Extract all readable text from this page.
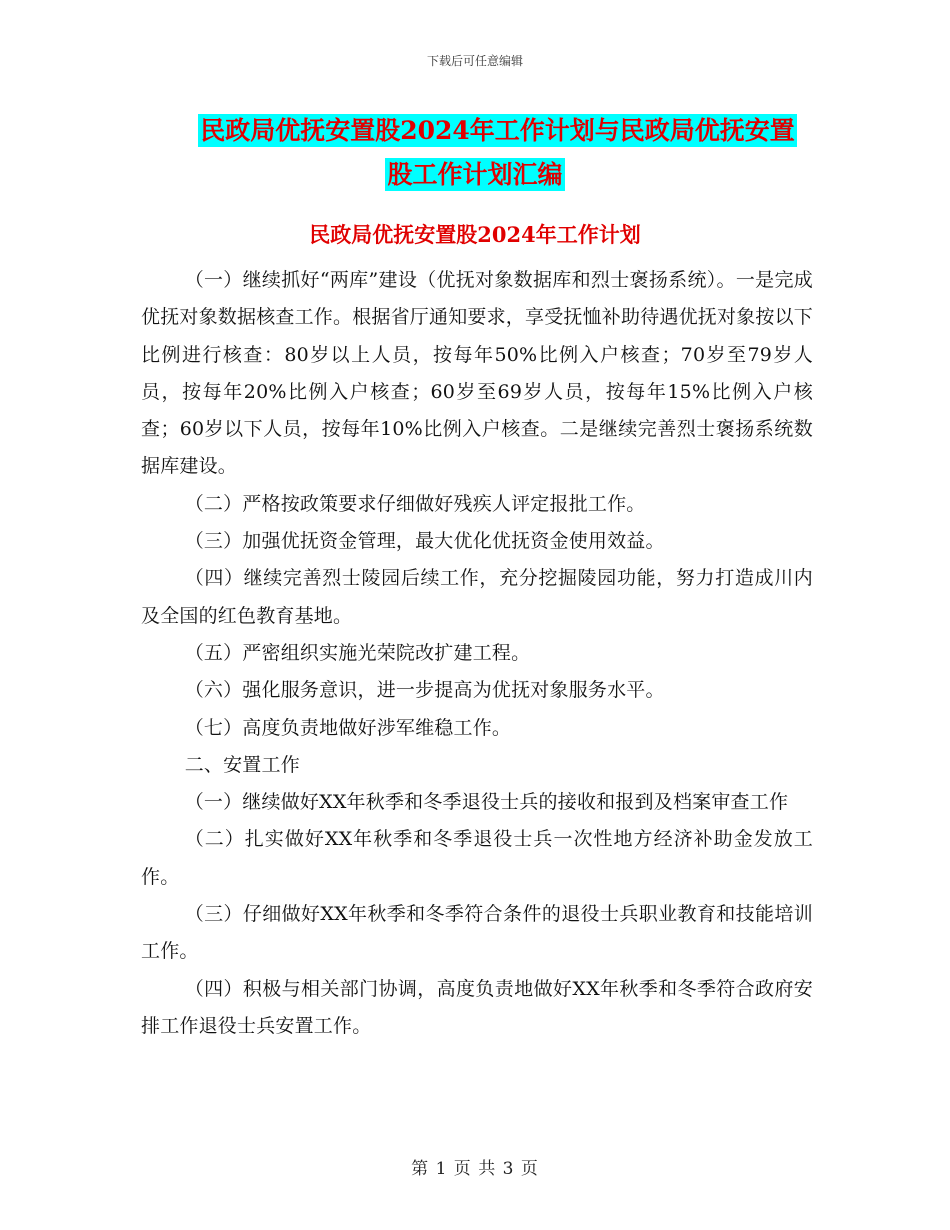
下载后可任意编辑
民政局优抚安置股2024年工作计划与民政局优抚安置
股工作计划汇编
民政局优抚安置股2024年工作计划

（一）继续抓好“两库”建设（优抚对象数据库和烈士褒扬系统）。一是完成优抚对象数据核查工作。根据省厅通知要求，享受抚恤补助待遇优抚对象按以下比例进行核查：80岁以上人员，按每年50%比例入户核查；70岁至79岁人员，按每年20%比例入户核查；60岁至69岁人员，按每年15%比例入户核查；60岁以下人员，按每年10%比例入户核查。二是继续完善烈士褒扬系统数据库建设。

（二）严格按政策要求仔细做好残疾人评定报批工作。

（三）加强优抚资金管理，最大优化优抚资金使用效益。

（四）继续完善烈士陵园后续工作，充分挖掘陵园功能，努力打造成川内及全国的红色教育基地。

（五）严密组织实施光荣院改扩建工程。

（六）强化服务意识，进一步提高为优抚对象服务水平。

（七）高度负责地做好涉军维稳工作。

二、安置工作

（一）继续做好XX年秋季和冬季退役士兵的接收和报到及档案审查工作

（二）扎实做好XX年秋季和冬季退役士兵一次性地方经济补助金发放工作。

（三）仔细做好XX年秋季和冬季符合条件的退役士兵职业教育和技能培训工作。

（四）积极与相关部门协调，高度负责地做好XX年秋季和冬季符合政府安排工作退役士兵安置工作。

第 1 页 共 3 页
